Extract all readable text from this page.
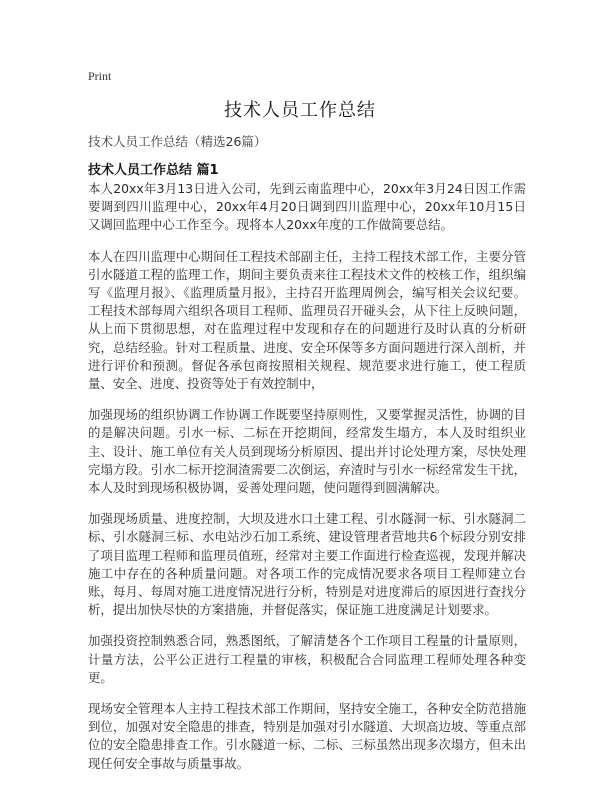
Print
技术人员工作总结
技术人员工作总结（精选26篇）
技术人员工作总结 篇1

本人20xx年3月13日进入公司，先到云南监理中心，20xx年3月24日因工作需要调到四川监理中心，20xx年4月20日调到四川监理中心，20xx年10月15日又调回监理中心工作至今。现将本人20xx年度的工作做简要总结。

本人在四川监理中心期间任工程技术部副主任，主持工程技术部工作，主要分管引水隧道工程的监理工作，期间主要负责来往工程技术文件的校核工作，组织编写《监理月报》、《监理质量月报》，主持召开监理周例会，编写相关会议纪要。工程技术部每周六组织各项目工程师、监理员召开碰头会，从下往上反映问题，从上而下贯彻思想，对在监理过程中发现和存在的问题进行及时认真的分析研究，总结经验。针对工程质量、进度、安全环保等多方面问题进行深入剖析，并进行评价和预测。督促各承包商按照相关规程、规范要求进行施工，使工程质量、安全、进度、投资等处于有效控制中，

加强现场的组织协调工作协调工作既要坚持原则性，又要掌握灵活性，协调的目的是解决问题。引水一标、二标在开挖期间，经常发生塌方，本人及时组织业主、设计、施工单位有关人员到现场分析原因、提出并讨论处理方案，尽快处理完塌方段。引水二标开挖洞渣需要二次倒运，弃渣时与引水一标经常发生干扰，本人及时到现场积极协调，妥善处理问题，使问题得到圆满解决。

加强现场质量、进度控制，大坝及进水口土建工程、引水隧洞一标、引水隧洞二标、引水隧洞三标、水电站沙石加工系统、建设管理者营地共6个标段分别安排了项目监理工程师和监理员值班，经常对主要工作面进行检查巡视，发现并解决施工中存在的各种质量问题。对各项工作的完成情况要求各项目工程师建立台账，每月、每周对施工进度情况进行分析，特别是对进度滞后的原因进行查找分析，提出加快尽快的方案措施，并督促落实，保证施工进度满足计划要求。

加强投资控制熟悉合同，熟悉图纸，了解清楚各个工作项目工程量的计量原则，计量方法，公平公正进行工程量的审核，积极配合合同监理工程师处理各种变更。

现场安全管理本人主持工程技术部工作期间，坚持安全施工，各种安全防范措施到位，加强对安全隐患的排查，特别是加强对引水隧道、大坝高边坡、等重点部位的安全隐患排查工作。引水隧道一标、二标、三标虽然出现多次塌方，但未出现任何安全事故与质量事故。
